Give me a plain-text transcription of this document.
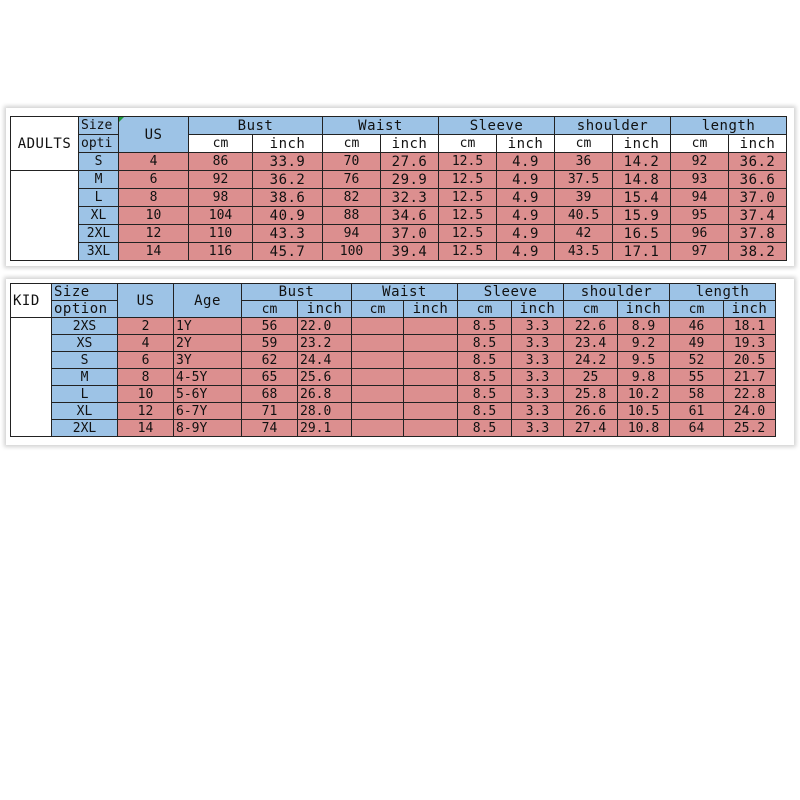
ADULTS	Size	US	Bust		Waist		Sleeve		shoulder		length	
	opti		cm	inch	cm	inch	cm	inch	cm	inch	cm	inch
	S	4	86	33.9	70	27.6	12.5	4.9	36	14.2	92	36.2
	M	6	92	36.2	76	29.9	12.5	4.9	37.5	14.8	93	36.6
	L	8	98	38.6	82	32.3	12.5	4.9	39	15.4	94	37.0
	XL	10	104	40.9	88	34.6	12.5	4.9	40.5	15.9	95	37.4
	2XL	12	110	43.3	94	37.0	12.5	4.9	42	16.5	96	37.8
	3XL	14	116	45.7	100	39.4	12.5	4.9	43.5	17.1	97	38.2
KID	Size	US	Age	Bust		Waist		Sleeve		shoulder		length	
	option			cm	inch	cm	inch	cm	inch	cm	inch	cm	inch
	2XS	2	1Y	56	22.0			8.5	3.3	22.6	8.9	46	18.1
	XS	4	2Y	59	23.2			8.5	3.3	23.4	9.2	49	19.3
	S	6	3Y	62	24.4			8.5	3.3	24.2	9.5	52	20.5
	M	8	4-5Y	65	25.6			8.5	3.3	25	9.8	55	21.7
	L	10	5-6Y	68	26.8			8.5	3.3	25.8	10.2	58	22.8
	XL	12	6-7Y	71	28.0			8.5	3.3	26.6	10.5	61	24.0
	2XL	14	8-9Y	74	29.1			8.5	3.3	27.4	10.8	64	25.2
